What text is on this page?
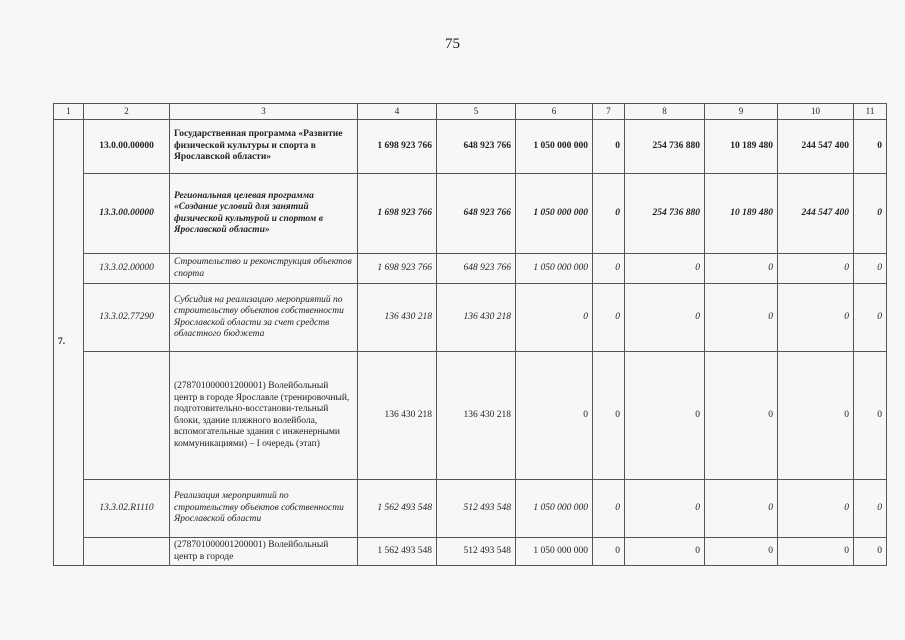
75
1	2	3	4	5	6	7	8	9	10	11
7.	13.0.00.00000	Государственная программа «Развитие физической культуры и спорта в Ярославской области»	1 698 923 766	648 923 766	1 050 000 000	0	254 736 880	10 189 480	244 547 400	0
	13.3.00.00000	Региональная целевая программа «Создание условий для занятий физической культурой и спортом в Ярославской области»	1 698 923 766	648 923 766	1 050 000 000	0	254 736 880	10 189 480	244 547 400	0
	13.3.02.00000	Строительство и реконструкция объектов спорта	1 698 923 766	648 923 766	1 050 000 000	0	0	0	0	0
	13.3.02.77290	Субсидия на реализацию мероприятий по строительству объектов собственности Ярославской области за счет средств областного бюджета	136 430 218	136 430 218	0	0	0	0	0	0
		(278701000001200001) Волейбольный центр в городе Ярославле (тренировочный, подготовительно-восстанови-тельный блоки, здание пляжного волейбола, вспомогательные здания с инженерными коммуникациями) – I очередь (этап)	136 430 218	136 430 218	0	0	0	0	0	0
	13.3.02.R1110	Реализация мероприятий по строительству объектов собственности Ярославской области	1 562 493 548	512 493 548	1 050 000 000	0	0	0	0	0
		(278701000001200001) Волейбольный центр в городе	1 562 493 548	512 493 548	1 050 000 000	0	0	0	0	0
